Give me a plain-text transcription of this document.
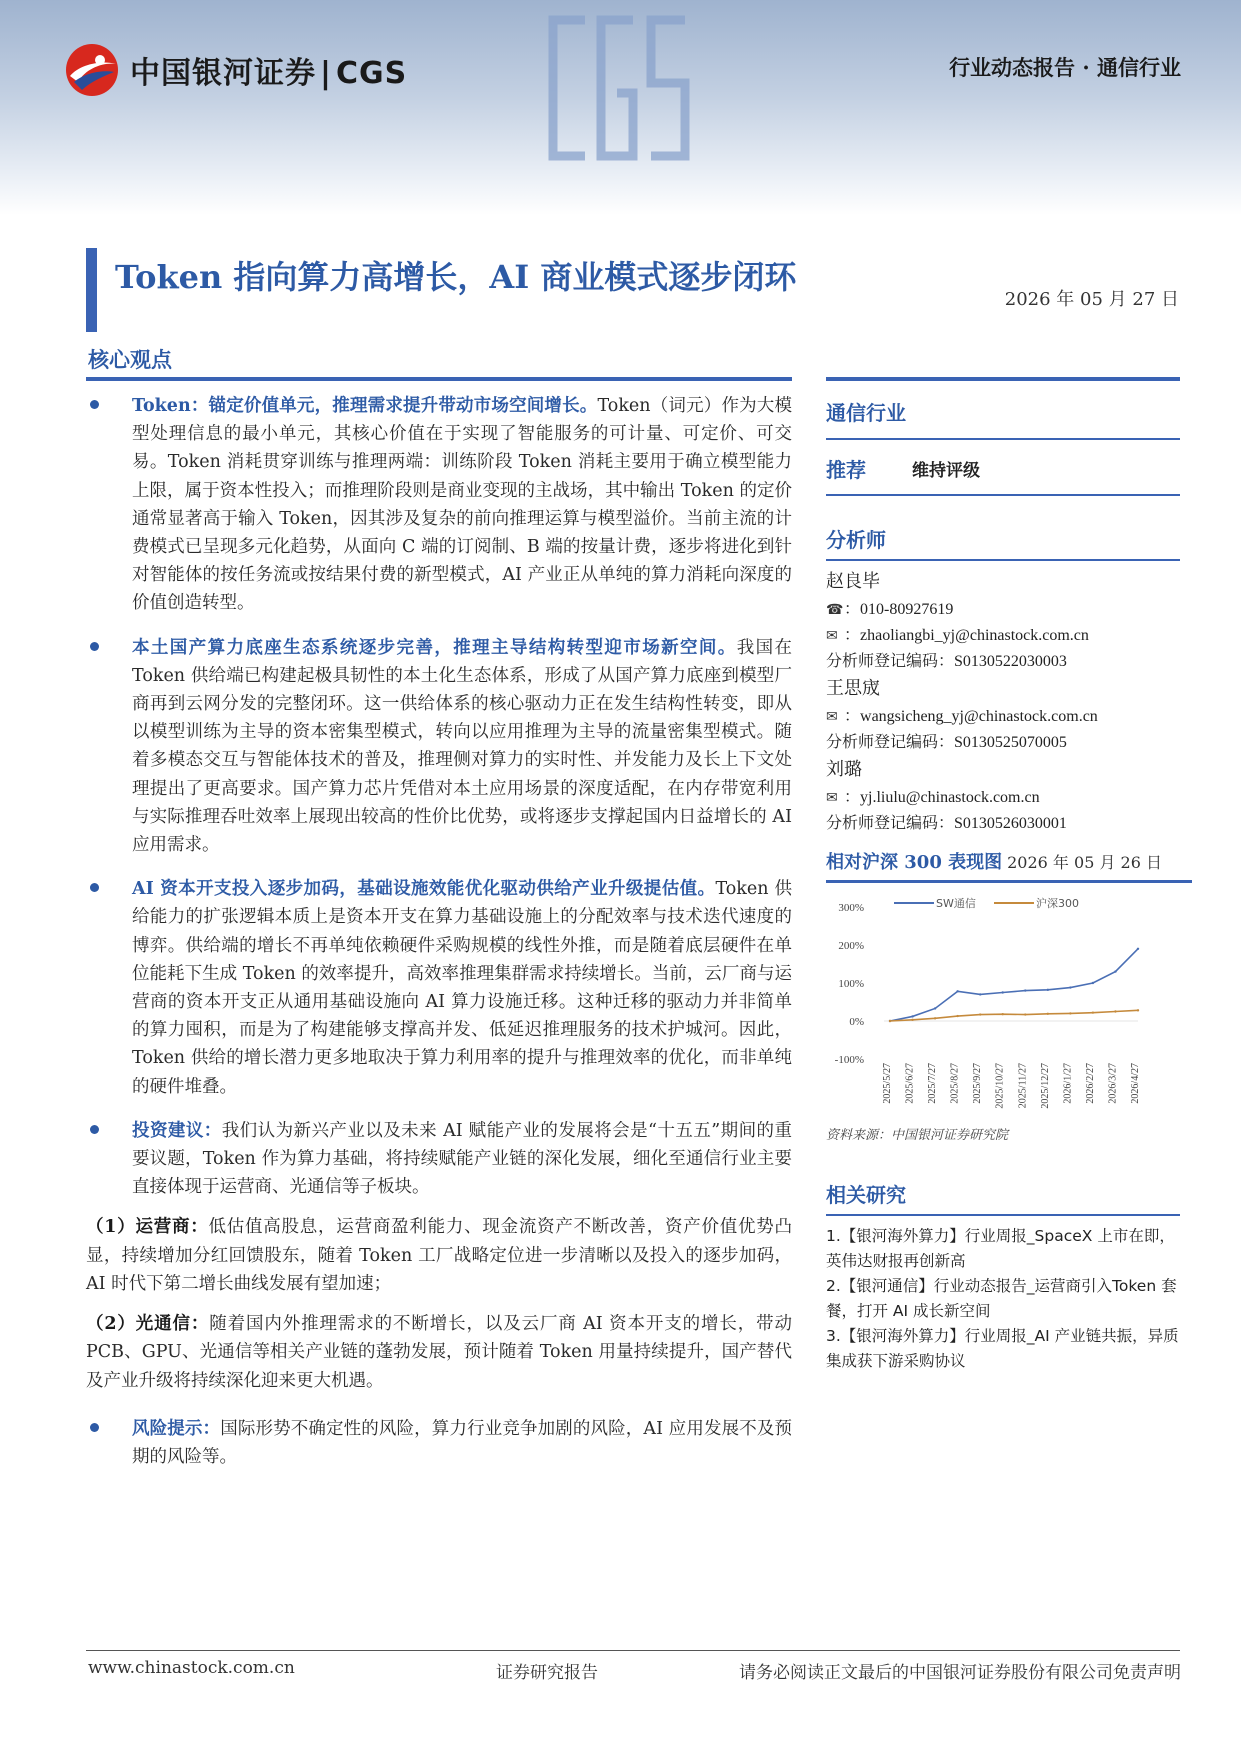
中国银河证券 | CGS	行业动态报告 · 通信行业
Token 指向算力高增长，AI 商业模式逐步闭环
2026 年 05 月 27 日
核心观点
Token：锚定价值单元，推理需求提升带动市场空间增长。Token（词元）作为大模型处理信息的最小单元，其核心价值在于实现了智能服务的可计量、可定价、可交易。Token 消耗贯穿训练与推理两端：训练阶段 Token 消耗主要用于确立模型能力上限，属于资本性投入；而推理阶段则是商业变现的主战场，其中输出 Token 的定价通常显著高于输入 Token，因其涉及复杂的前向推理运算与模型溢价。当前主流的计费模式已呈现多元化趋势，从面向 C 端的订阅制、B 端的按量计费，逐步将进化到针对智能体的按任务流或按结果付费的新型模式，AI 产业正从单纯的算力消耗向深度的价值创造转型。
本土国产算力底座生态系统逐步完善，推理主导结构转型迎市场新空间。我国在 Token 供给端已构建起极具韧性的本土化生态体系，形成了从国产算力底座到模型厂商再到云网分发的完整闭环。这一供给体系的核心驱动力正在发生结构性转变，即从以模型训练为主导的资本密集型模式，转向以应用推理为主导的流量密集型模式。随着多模态交互与智能体技术的普及，推理侧对算力的实时性、并发能力及长上下文处理提出了更高要求。国产算力芯片凭借对本土应用场景的深度适配，在内存带宽利用与实际推理吞吐效率上展现出较高的性价比优势，或将逐步支撑起国内日益增长的 AI 应用需求。
AI 资本开支投入逐步加码，基础设施效能优化驱动供给产业升级提估值。Token 供给能力的扩张逻辑本质上是资本开支在算力基础设施上的分配效率与技术迭代速度的博弈。供给端的增长不再单纯依赖硬件采购规模的线性外推，而是随着底层硬件在单位能耗下生成 Token 的效率提升，高效率推理集群需求持续增长。当前，云厂商与运营商的资本开支正从通用基础设施向 AI 算力设施迁移。这种迁移的驱动力并非简单的算力囤积，而是为了构建能够支撑高并发、低延迟推理服务的技术护城河。因此，Token 供给的增长潜力更多地取决于算力利用率的提升与推理效率的优化，而非单纯的硬件堆叠。
投资建议：我们认为新兴产业以及未来 AI 赋能产业的发展将会是“十五五”期间的重要议题，Token 作为算力基础，将持续赋能产业链的深化发展，细化至通信行业主要直接体现于运营商、光通信等子板块。
（1）运营商：低估值高股息，运营商盈利能力、现金流资产不断改善，资产价值优势凸显，持续增加分红回馈股东，随着 Token 工厂战略定位进一步清晰以及投入的逐步加码，AI 时代下第二增长曲线发展有望加速；
（2）光通信：随着国内外推理需求的不断增长，以及云厂商 AI 资本开支的增长，带动 PCB、GPU、光通信等相关产业链的蓬勃发展，预计随着 Token 用量持续提升，国产替代及产业升级将持续深化迎来更大机遇。
风险提示：国际形势不确定性的风险，算力行业竞争加剧的风险，AI 应用发展不及预期的风险等。
通信行业
推荐	维持评级
分析师
赵良毕
☎：010-80927619
✉ ：zhaoliangbi_yj@chinastock.com.cn
分析师登记编码：S0130522030003
王思宬
✉ ：wangsicheng_yj@chinastock.com.cn
分析师登记编码：S0130525070005
刘璐
✉ ：yj.liulu@chinastock.com.cn
分析师登记编码：S0130526030001
相对沪深 300 表现图 2026 年 05 月 26 日
300%
200%
100%
0%
-100%
2025/5/27 2025/6/27 2025/7/27 2025/8/27 2025/9/27 2025/10/27 2025/11/27 2025/12/27 2026/1/27 2026/2/27 2026/3/27 2026/4/27
SW通信	沪深300
资料来源：中国银河证券研究院
相关研究
1.【银河海外算力】行业周报_SpaceX 上市在即，英伟达财报再创新高
2.【银河通信】行业动态报告_运营商引入Token 套餐，打开 AI 成长新空间
3.【银河海外算力】行业周报_AI 产业链共振，异质集成获下游采购协议
www.chinastock.com.cn	证券研究报告	请务必阅读正文最后的中国银河证券股份有限公司免责声明
